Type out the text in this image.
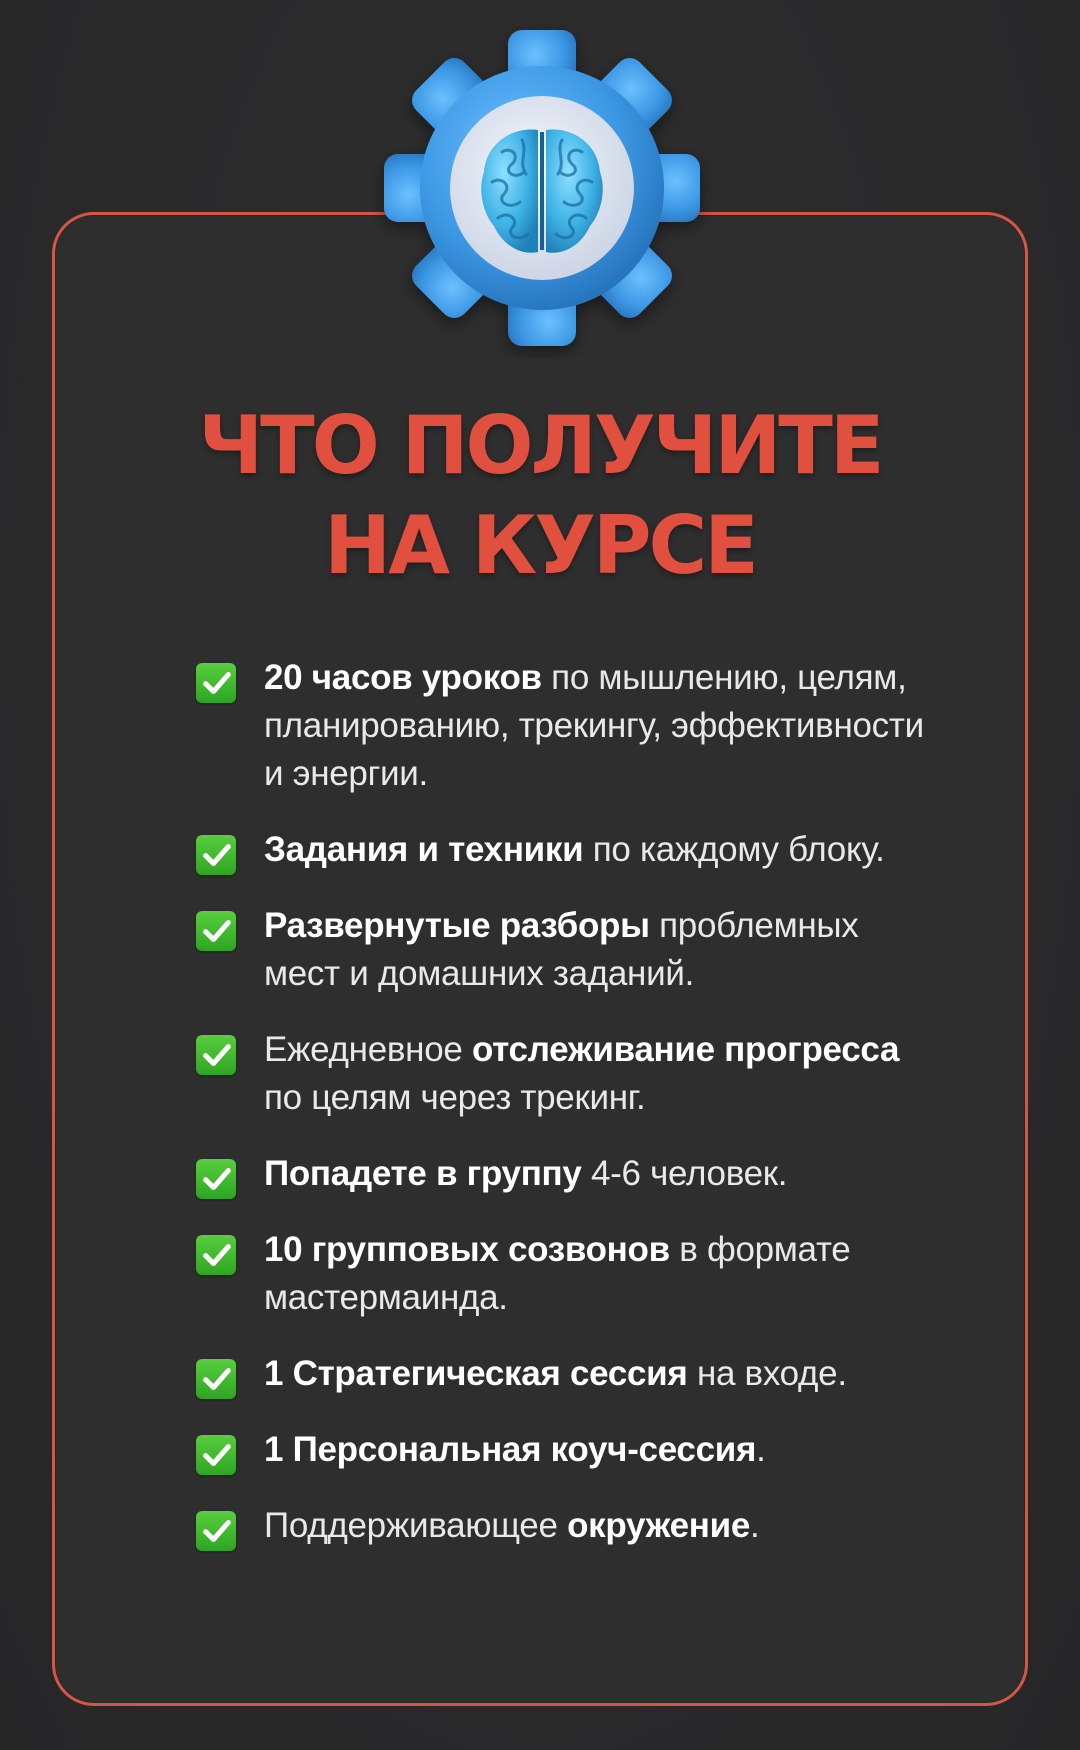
ЧТО ПОЛУЧИТЕ
НА КУРСЕ
20 часов уроков по мышлению, целям, планированию, трекингу, эффективности и энергии.
Задания и техники по каждому блоку.
Развернутые разборы проблемных мест и домашних заданий.
Ежедневное отслеживание прогресса по целям через трекинг.
Попадете в группу 4-6 человек.
10 групповых созвонов в формате мастермаинда.
1 Стратегическая сессия на входе.
1 Персональная коуч-сессия.
Поддерживающее окружение.
